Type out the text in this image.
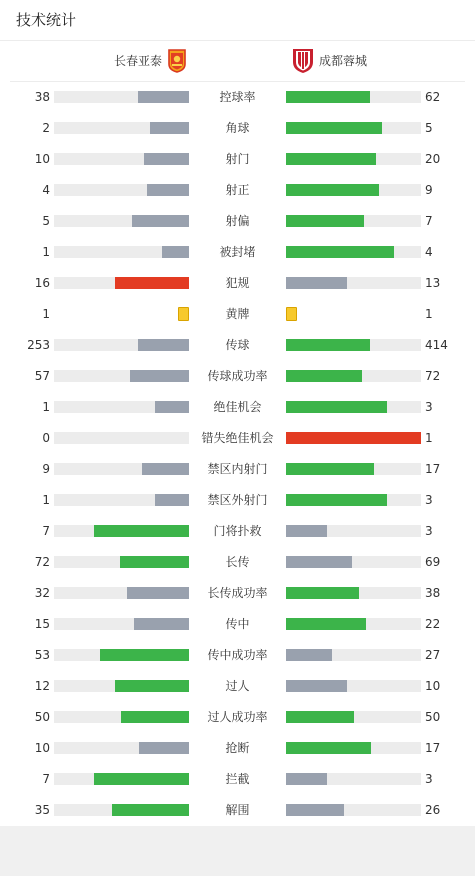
技术统计
长春亚泰	成都蓉城
38	控球率	62
2	角球	5
10	射门	20
4	射正	9
5	射偏	7
1	被封堵	4
16	犯规	13
1	黄牌	1
253	传球	414
57	传球成功率	72
1	绝佳机会	3
0	错失绝佳机会	1
9	禁区内射门	17
1	禁区外射门	3
7	门将扑救	3
72	长传	69
32	长传成功率	38
15	传中	22
53	传中成功率	27
12	过人	10
50	过人成功率	50
10	抢断	17
7	拦截	3
35	解围	26
